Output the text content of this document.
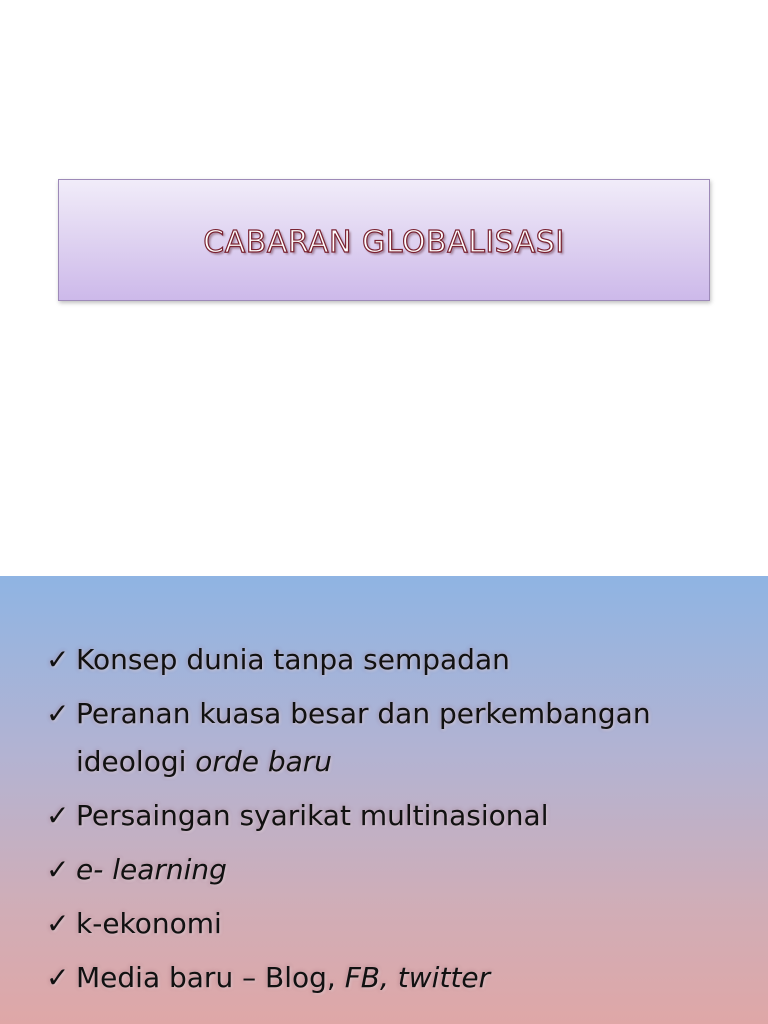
CABARAN GLOBALISASI
✓ Konsep dunia tanpa sempadan
✓ Peranan kuasa besar dan perkembangan
ideologi orde baru
✓ Persaingan syarikat multinasional
✓ e- learning
✓ k-ekonomi
✓ Media baru – Blog, FB, twitter
